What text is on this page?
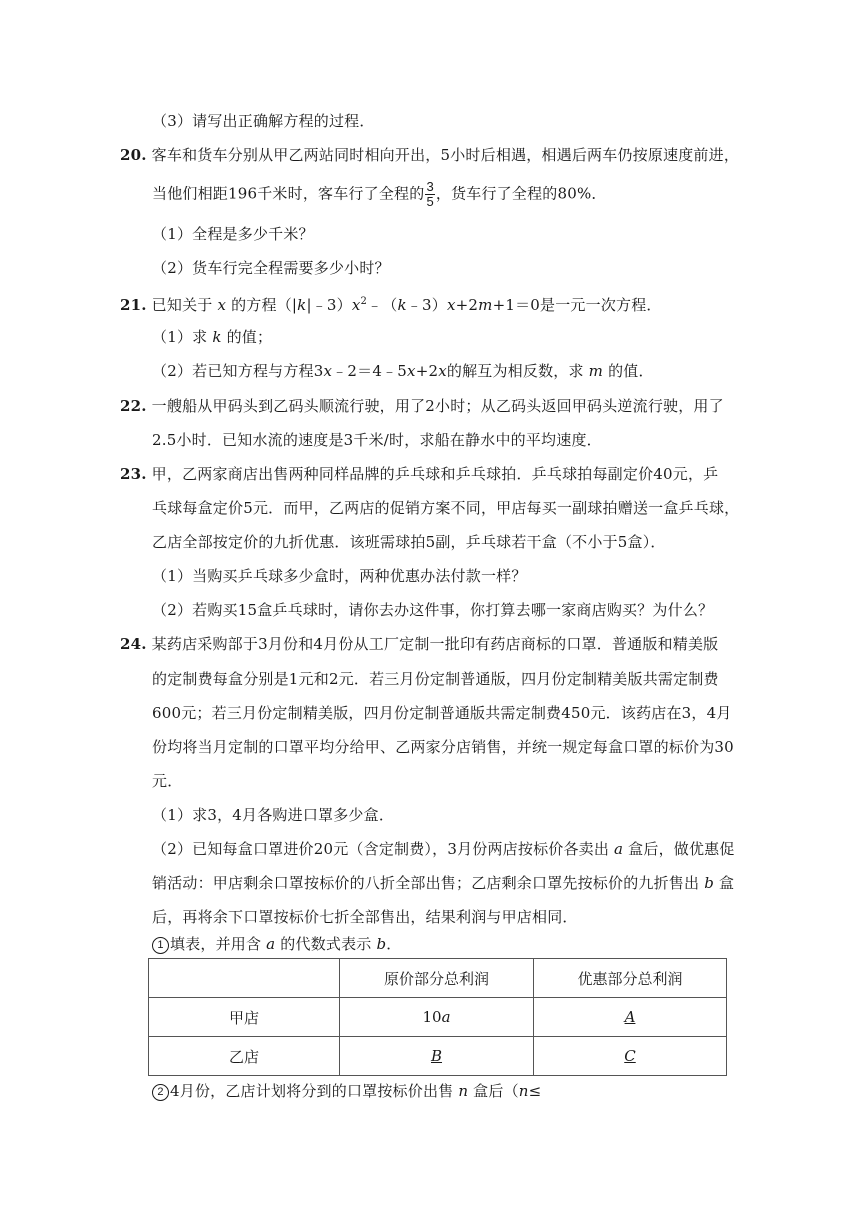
（3）请写出正确解方程的过程．
20. 客车和货车分别从甲乙两站同时相向开出，5小时后相遇，相遇后两车仍按原速度前进，
当他们相距196千米时，客车行了全程的 $\frac{3}{5}$ ，货车行了全程的80%．
（1）全程是多少千米？
（2）货车行完全程需要多少小时？
21. 已知关于 x 的方程$(|k|﹣3)x^2﹣(k﹣3)x+2m+1=0$是一元一次方程．
（1）求 k 的值；
（2）若已知方程与方程3x﹣2＝4﹣5x+2x的解互为相反数，求 m 的值．
22. 一艘船从甲码头到乙码头顺流行驶，用了2小时；从乙码头返回甲码头逆流行驶，用了
2.5小时．已知水流的速度是3千米/时，求船在静水中的平均速度．
23. 甲，乙两家商店出售两种同样品牌的乒乓球和乒乓球拍．乒乓球拍每副定价40元，乒
乓球每盒定价5元．而甲，乙两店的促销方案不同，甲店每买一副球拍赠送一盒乒乓球，
乙店全部按定价的九折优惠．该班需球拍5副，乒乓球若干盒（不小于5盒）．
（1）当购买乒乓球多少盒时，两种优惠办法付款一样？
（2）若购买15盒乒乓球时，请你去办这件事，你打算去哪一家商店购买？为什么？
24. 某药店采购部于3月份和4月份从工厂定制一批印有药店商标的口罩．普通版和精美版
的定制费每盒分别是1元和2元．若三月份定制普通版，四月份定制精美版共需定制费
600元；若三月份定制精美版，四月份定制普通版共需定制费450元．该药店在3，4月
份均将当月定制的口罩平均分给甲、乙两家分店销售，并统一规定每盒口罩的标价为30
元．
（1）求3，4月各购进口罩多少盒．
（2）已知每盒口罩进价20元（含定制费），3月份两店按标价各卖出 a 盒后，做优惠促
销活动：甲店剩余口罩按标价的八折全部出售；乙店剩余口罩先按标价的九折售出 b 盒
后，再将余下口罩按标价七折全部售出，结果利润与甲店相同．
1 填表，并用含 a 的代数式表示 b．
	原价部分总利润	优惠部分总利润
甲店	10a	A
乙店	B	C
2 4月份，乙店计划将分到的口罩按标价出售 n 盒后（n≤
